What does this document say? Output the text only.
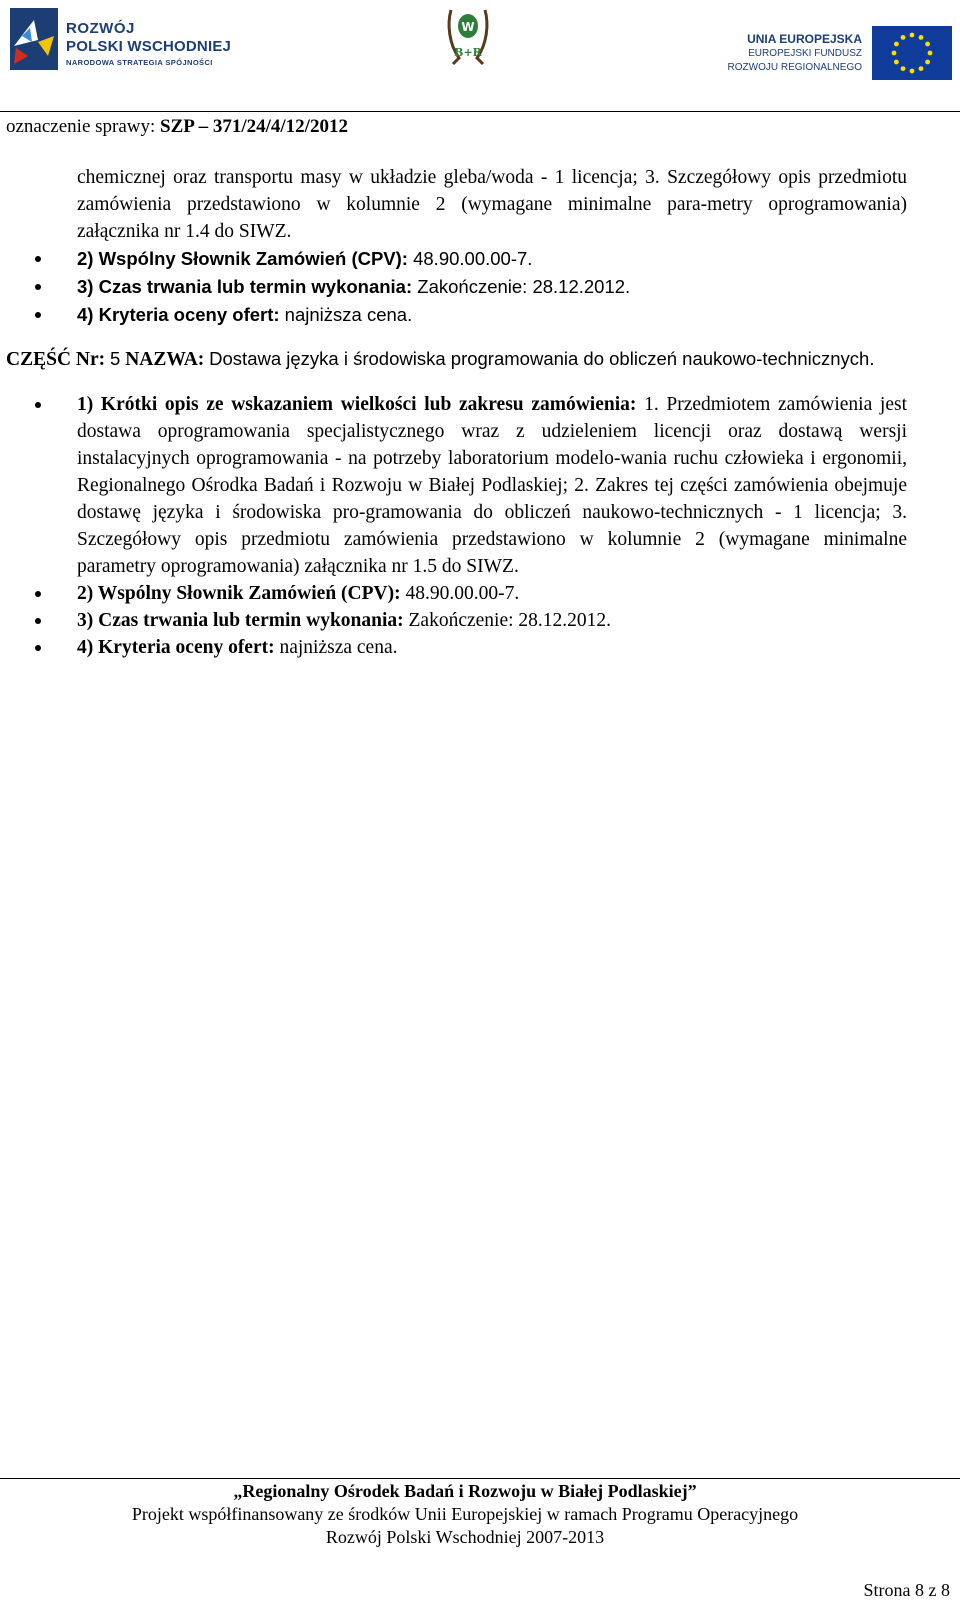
ROZWÓJ
POLSKI WSCHODNIEJ
NARODOWA STRATEGIA SPÓJNOŚCI
W
B+R
UNIA EUROPEJSKA
EUROPEJSKI FUNDUSZ
ROZWOJU REGIONALNEGO
oznaczenie sprawy: SZP – 371/24/4/12/2012
chemicznej oraz transportu masy w układzie gleba/woda - 1 licencja; 3. Szczegółowy opis przedmiotu zamówienia przedstawiono w kolumnie 2 (wymagane minimalne para-metry oprogramowania) załącznika nr 1.4 do SIWZ.
2) Wspólny Słownik Zamówień (CPV): 48.90.00.00-7.
3) Czas trwania lub termin wykonania: Zakończenie: 28.12.2012.
4) Kryteria oceny ofert: najniższa cena.
CZĘŚĆ Nr: 5 NAZWA: Dostawa języka i środowiska programowania do obliczeń naukowo-technicznych.
1) Krótki opis ze wskazaniem wielkości lub zakresu zamówienia: 1. Przedmiotem zamówienia jest dostawa oprogramowania specjalistycznego wraz z udzieleniem licencji oraz dostawą wersji instalacyjnych oprogramowania - na potrzeby laboratorium modelo-wania ruchu człowieka i ergonomii, Regionalnego Ośrodka Badań i Rozwoju w Białej Podlaskiej; 2. Zakres tej części zamówienia obejmuje dostawę języka i środowiska pro-gramowania do obliczeń naukowo-technicznych - 1 licencja; 3. Szczegółowy opis przedmiotu zamówienia przedstawiono w kolumnie 2 (wymagane minimalne parametry oprogramowania) załącznika nr 1.5 do SIWZ.
2) Wspólny Słownik Zamówień (CPV): 48.90.00.00-7.
3) Czas trwania lub termin wykonania: Zakończenie: 28.12.2012.
4) Kryteria oceny ofert: najniższa cena.
„Regionalny Ośrodek Badań i Rozwoju w Białej Podlaskiej”
Projekt współfinansowany ze środków Unii Europejskiej w ramach Programu Operacyjnego
Rozwój Polski Wschodniej 2007-2013
Strona 8 z 8
